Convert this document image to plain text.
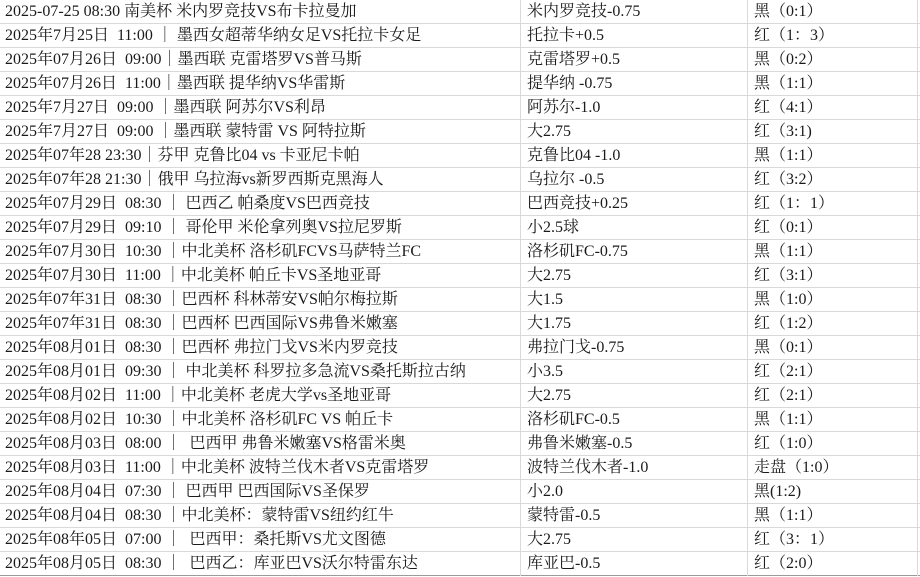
2025-07-25 08:30 南美杯 米内罗竞技VS布卡拉曼加	米内罗竞技-0.75	黑（0:1）
2025年7月25日  11:00 ｜ 墨西女超蒂华纳女足VS托拉卡女足	托拉卡+0.5	红（1：3）
2025年07月26日  09:00｜墨西联 克雷塔罗VS普马斯	克雷塔罗+0.5	黑（0:2）
2025年07月26日  11:00｜墨西联 提华纳VS华雷斯	提华纳 -0.75	黑（1:1）
2025年7月27日  09:00 ｜墨西联 阿苏尔VS利昂	阿苏尔-1.0	红（4:1）
2025年7月27日  09:00 ｜墨西联 蒙特雷 VS 阿特拉斯	大2.75	红（3:1)
2025年07年28 23:30｜芬甲 克鲁比04 vs 卡亚尼卡帕	克鲁比04 -1.0	黑（1:1）
2025年07年28 21:30｜俄甲 乌拉海vs新罗西斯克黑海人	乌拉尔 -0.5	红（3:2）
2025年07月29日  08:30 ｜ 巴西乙 帕桑度VS巴西竞技	巴西竞技+0.25	红（1：1）
2025年07月29日  09:10 ｜ 哥伦甲 米伦拿列奥VS拉尼罗斯	小2.5球	红（0:1）
2025年07月30日  10:30 ｜中北美杯 洛杉矶FCVS马萨特兰FC	洛杉矶FC-0.75	黑（1:1）
2025年07月30日  11:00 ｜中北美杯 帕丘卡VS圣地亚哥	大2.75	红（3:1）
2025年07年31日  08:30 ｜巴西杯 科林蒂安VS帕尔梅拉斯	大1.5	黑（1:0）
2025年07年31日  08:30 ｜巴西杯 巴西国际VS弗鲁米嫩塞	大1.75	红（1:2）
2025年08月01日  08:30 ｜巴西杯 弗拉门戈VS米内罗竞技	弗拉门戈-0.75	黑（0:1）
2025年08月01日  09:30 ｜ 中北美杯 科罗拉多急流VS桑托斯拉古纳	小3.5	红（2:1）
2025年08月02日  11:00 ｜中北美杯 老虎大学vs圣地亚哥	大2.75	红（2:1）
2025年08月02日  10:30 ｜中北美杯 洛杉矶FC VS 帕丘卡	洛杉矶FC-0.5	黑（1:1）
2025年08月03日  08:00 ｜  巴西甲 弗鲁米嫩塞VS格雷米奥	弗鲁米嫩塞-0.5	红（1:0）
2025年08月03日  11:00 ｜中北美杯 波特兰伐木者VS克雷塔罗	波特兰伐木者-1.0	走盘（1:0）
2025年08月04日  07:30 ｜ 巴西甲 巴西国际VS圣保罗	小2.0	黑(1:2)
2025年08月04日  08:30 ｜中北美杯：蒙特雷VS纽约红牛	蒙特雷-0.5	黑（1:1）
2025年08年05日  07:00 ｜  巴西甲：桑托斯VS尤文图德	大2.75	红（3：1）
2025年08月05日  08:30 ｜  巴西乙：库亚巴VS沃尔特雷东达	库亚巴-0.5	红（2:0）
